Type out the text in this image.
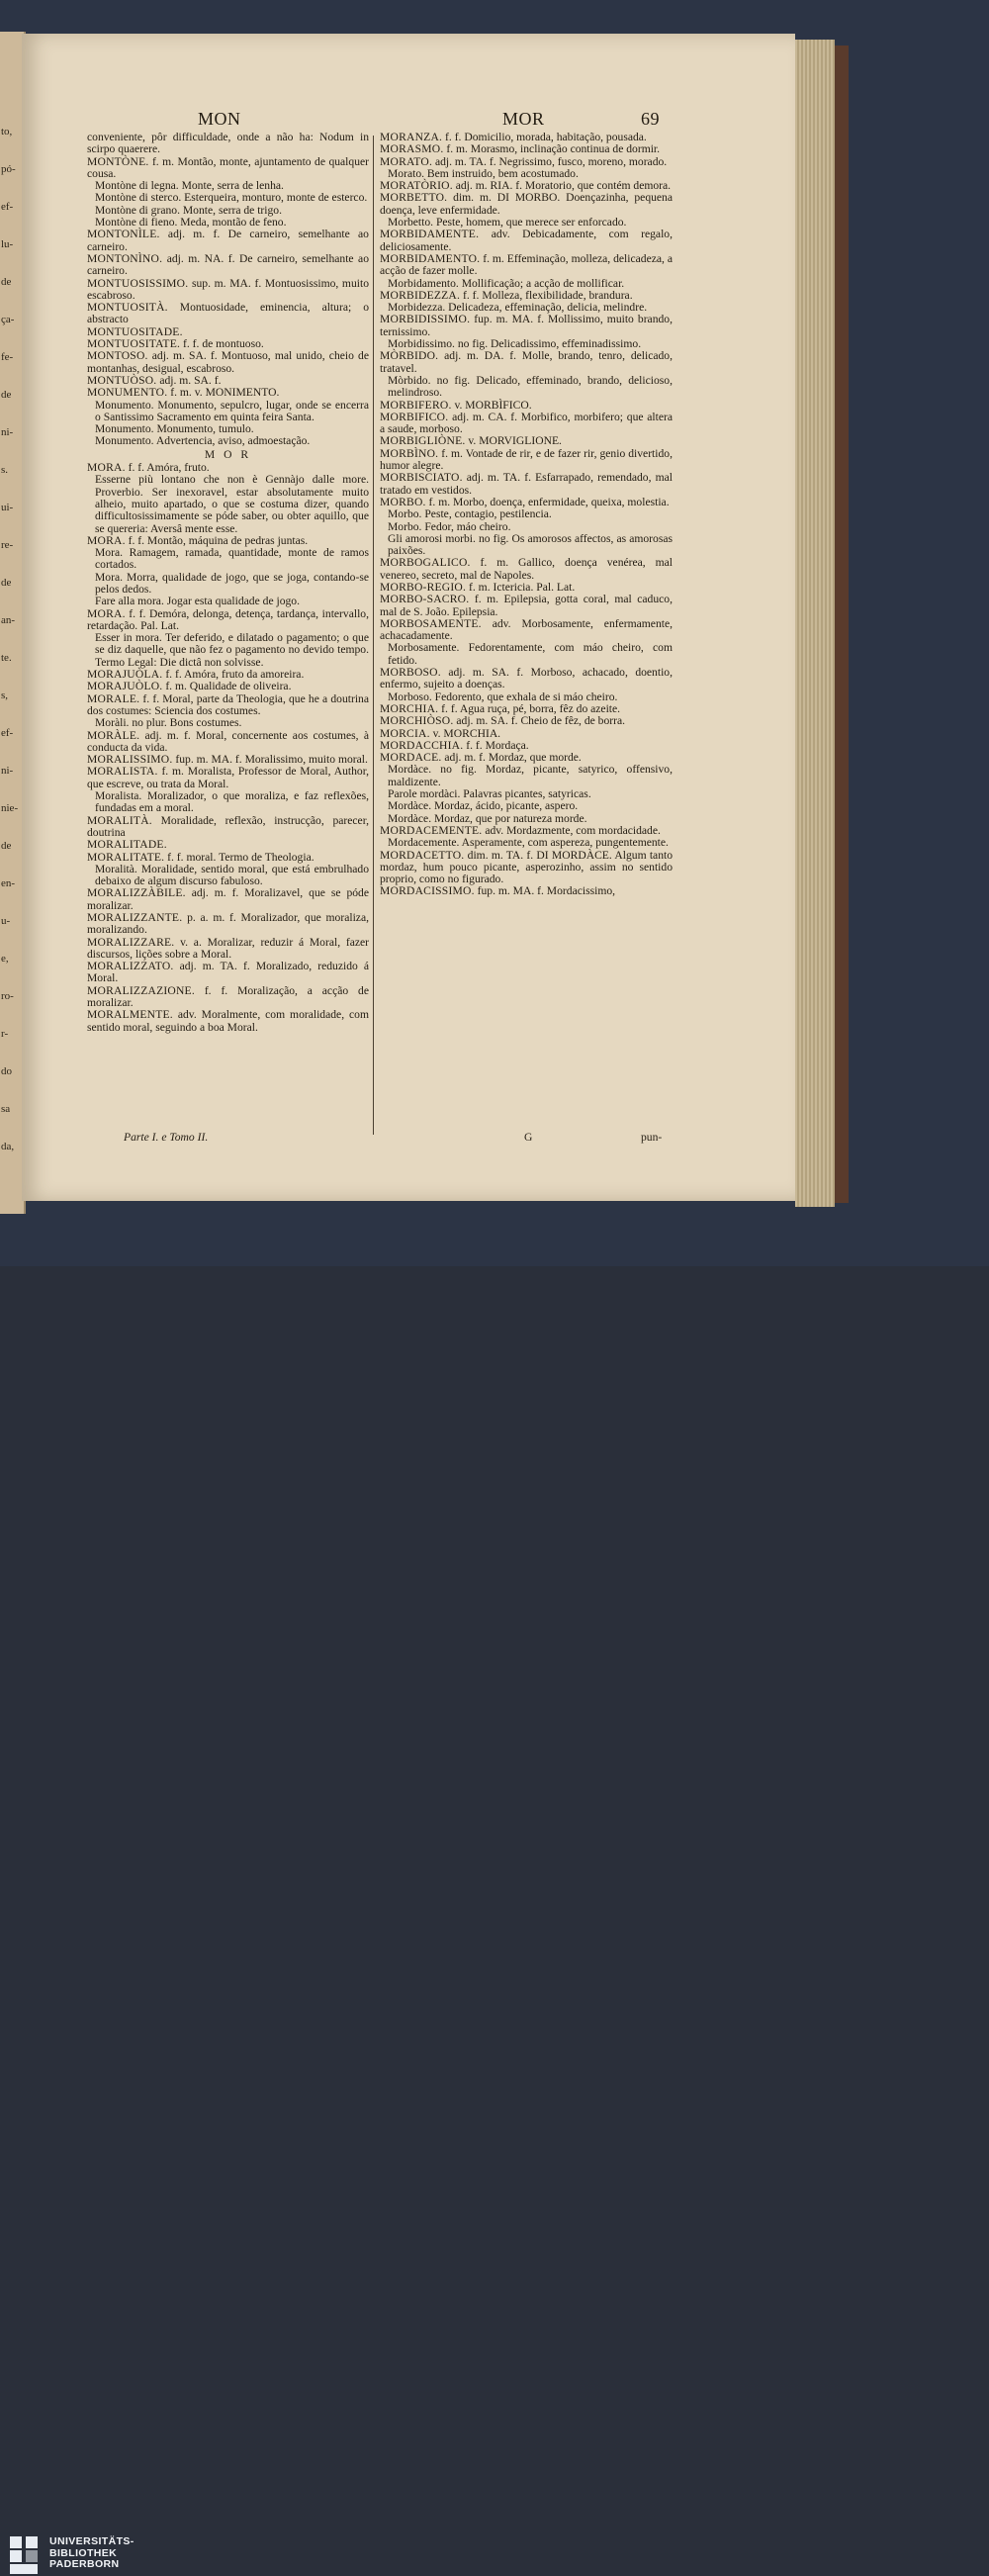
to,
pó-
ef-
lu-
de
ça-
fe-
de
ni-
s.
ui-
re-
de
an-
te.
s,
ef-
ni-
nie-
de
en-
u-
e,
ro-
r-
do
sa
da,
MON	MOR	69

conveniente, pôr difficuldade, onde a não ha: Nodum in scirpo quaerere.

MONTÒNE. f. m. Montão, monte, ajuntamento de qualquer cousa.

Montòne di legna. Monte, serra de lenha.

Montòne di sterco. Esterqueira, monturo, monte de esterco.

Montòne di grano. Monte, serra de trigo.

Montòne di fieno. Meda, montão de feno.

MONTONÌLE. adj. m. f. De carneiro, semelhante ao carneiro.

MONTONÌNO. adj. m. NA. f. De carneiro, semelhante ao carneiro.

MONTUOSISSIMO. sup. m. MA. f. Montuosissimo, muito escabroso.

MONTUOSITÀ. Montuosidade, eminencia, altura; o abstracto

MONTUOSITADE.

MONTUOSITATE. f. f. de montuoso.

MONTOSO. adj. m. SA. f. Montuoso, mal unido, cheio de montanhas, desigual, escabroso.

MONTUÒSO. adj. m. SA. f.

MONUMENTO. f. m. v. MONIMENTO.

Monumento. Monumento, sepulcro, lugar, onde se encerra o Santissimo Sacramento em quinta feira Santa.

Monumento. Monumento, tumulo.

Monumento. Advertencia, aviso, admoestação.

M O R

MORA. f. f. Amóra, fruto.

Esserne più lontano che non è Gennàjo dalle more. Proverbio. Ser inexoravel, estar absolutamente muito alheio, muito apartado, o que se costuma dizer, quando difficultosissimamente se póde saber, ou obter aquillo, que se quereria: Aversâ mente esse.

MORA. f. f. Montão, máquina de pedras juntas.

Mora. Ramagem, ramada, quantidade, monte de ramos cortados.

Mora. Morra, qualidade de jogo, que se joga, contando-se pelos dedos.

Fare alla mora. Jogar esta qualidade de jogo.

MORA. f. f. Demóra, delonga, detença, tardança, intervallo, retardação. Pal. Lat.

Esser in mora. Ter deferido, e dilatado o pagamento; o que se diz daquelle, que não fez o pagamento no devido tempo. Termo Legal: Die dictâ non solvisse.

MORAJUÒLA. f. f. Amóra, fruto da amoreira.

MORAJUÒLO. f. m. Qualidade de oliveira.

MORALE. f. f. Moral, parte da Theologia, que he a doutrina dos costumes: Sciencia dos costumes.

Moràli. no plur. Bons costumes.

MORÀLE. adj. m. f. Moral, concernente aos costumes, à conducta da vida.

MORALISSIMO. fup. m. MA. f. Moralissimo, muito moral.

MORALISTA. f. m. Moralista, Professor de Moral, Author, que escreve, ou trata da Moral.

Moralista. Moralizador, o que moraliza, e faz reflexões, fundadas em a moral.

MORALITÀ. Moralidade, reflexão, instrucção, parecer, doutrina

MORALITADE.

MORALITATE. f. f. moral. Termo de Theologia.

Moralità. Moralidade, sentido moral, que está embrulhado debaixo de algum discurso fabuloso.

MORALIZZÀBILE. adj. m. f. Moralizavel, que se póde moralizar.

MORALIZZANTE. p. a. m. f. Moralizador, que moraliza, moralizando.

MORALIZZARE. v. a. Moralizar, reduzir á Moral, fazer discursos, lições sobre a Moral.

MORALIZZATO. adj. m. TA. f. Moralizado, reduzido á Moral.

MORALIZZAZIONE. f. f. Moralização, a acção de moralizar.

MORALMENTE. adv. Moralmente, com moralidade, com sentido moral, seguindo a boa Moral.

MORANZA. f. f. Domicilio, morada, habitação, pousada.

MORASMO. f. m. Morasmo, inclinação continua de dormir.

MORATO. adj. m. TA. f. Negrissimo, fusco, moreno, morado.

Morato. Bem instruido, bem acostumado.

MORATÒRIO. adj. m. RIA. f. Moratorio, que contém demora.

MORBETTO. dim. m. DI MORBO. Doençazinha, pequena doença, leve enfermidade.

Morbetto. Peste, homem, que merece ser enforcado.

MORBIDAMENTE. adv. Debicadamente, com regalo, deliciosamente.

MORBIDAMENTO. f. m. Effeminação, molleza, delicadeza, a acção de fazer molle.

Morbidamento. Mollificação; a acção de mollificar.

MORBIDEZZA. f. f. Molleza, flexibilidade, brandura.

Morbidezza. Delicadeza, effeminação, delicia, melindre.

MORBIDISSIMO. fup. m. MA. f. Mollissimo, muito brando, ternissimo.

Morbidissimo. no fig. Delicadissimo, effeminadissimo.

MÒRBIDO. adj. m. DA. f. Molle, brando, tenro, delicado, tratavel.

Mòrbido. no fig. Delicado, effeminado, brando, delicioso, melindroso.

MORBIFERO. v. MORBÌFICO.

MORBIFICO. adj. m. CA. f. Morbifico, morbifero; que altera a saude, morboso.

MORBIGLIÒNE. v. MORVIGLIONE.

MORBÌNO. f. m. Vontade de rir, e de fazer rir, genio divertido, humor alegre.

MORBISCIATO. adj. m. TA. f. Esfarrapado, remendado, mal tratado em vestidos.

MORBO. f. m. Morbo, doença, enfermidade, queixa, molestia.

Morbo. Peste, contagio, pestilencia.

Morbo. Fedor, máo cheiro.

Gli amorosi morbi. no fig. Os amorosos affectos, as amorosas paixões.

MORBOGALICO. f. m. Gallico, doença venérea, mal venereo, secreto, mal de Napoles.

MORBO-REGIO. f. m. Ictericia. Pal. Lat.

MORBO-SACRO. f. m. Epilepsia, gotta coral, mal caduco, mal de S. João. Epilepsia.

MORBOSAMENTE. adv. Morbosamente, enfermamente, achacadamente.

Morbosamente. Fedorentamente, com máo cheiro, com fetido.

MORBOSO. adj. m. SA. f. Morboso, achacado, doentio, enfermo, sujeito a doenças.

Morboso. Fedorento, que exhala de si máo cheiro.

MORCHIA. f. f. Agua ruça, pé, borra, fêz do azeite.

MORCHIÒSO. adj. m. SA. f. Cheio de fêz, de borra.

MORCIA. v. MORCHIA.

MORDACCHIA. f. f. Mordaça.

MORDACE. adj. m. f. Mordaz, que morde.

Mordàce. no fig. Mordaz, picante, satyrico, offensivo, maldizente.

Parole mordàci. Palavras picantes, satyricas.

Mordàce. Mordaz, ácido, picante, aspero.

Mordàce. Mordaz, que por natureza morde.

MORDACEMENTE. adv. Mordazmente, com mordacidade.

Mordacemente. Asperamente, com aspereza, pungentemente.

MORDACETTO. dim. m. TA. f. DI MORDÀCE. Algum tanto mordaz, hum pouco picante, asperozinho, assim no sentido proprio, como no figurado.

MORDACISSIMO. fup. m. MA. f. Mordacissimo,

Parte I. e Tomo II.	G	pun-
UNIVERSITÄTS-
BIBLIOTHEK
PADERBORN
